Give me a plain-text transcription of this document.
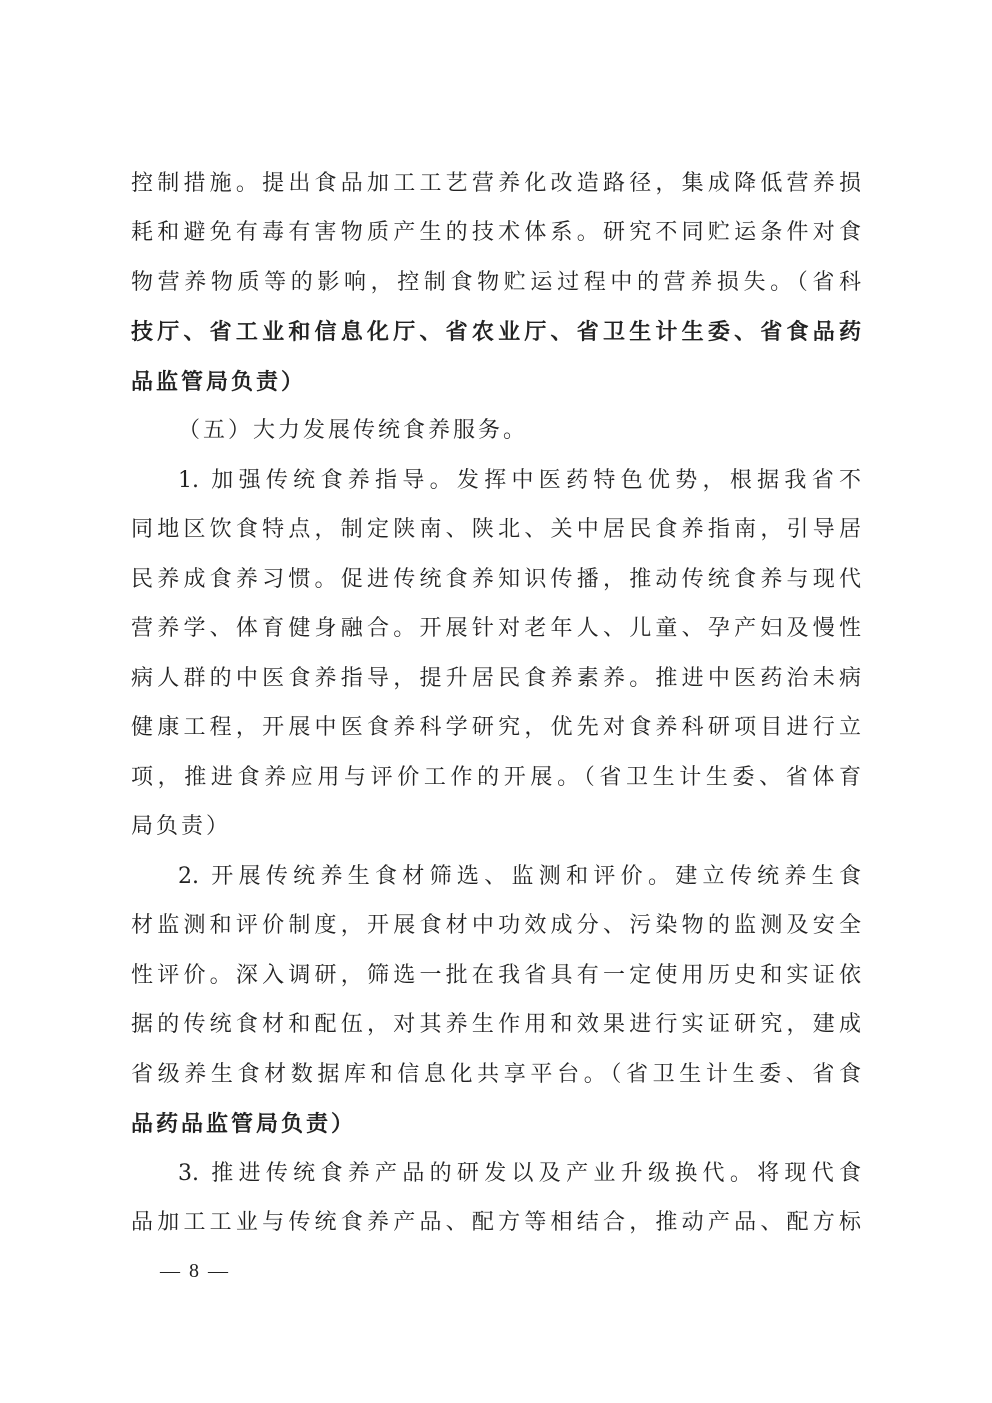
控制措施。提出食品加工工艺营养化改造路径，集成降低营养损
耗和避免有毒有害物质产生的技术体系。研究不同贮运条件对食
物营养物质等的影响，控制食物贮运过程中的营养损失。（省科
技厅、省工业和信息化厅、省农业厅、省卫生计生委、省食品药
品监管局负责）
（五）大力发展传统食养服务。
1. 加强传统食养指导。发挥中医药特色优势，根据我省不
同地区饮食特点，制定陕南、陕北、关中居民食养指南，引导居
民养成食养习惯。促进传统食养知识传播，推动传统食养与现代
营养学、体育健身融合。开展针对老年人、儿童、孕产妇及慢性
病人群的中医食养指导，提升居民食养素养。推进中医药治未病
健康工程，开展中医食养科学研究，优先对食养科研项目进行立
项，推进食养应用与评价工作的开展。（省卫生计生委、省体育
局负责）
2. 开展传统养生食材筛选、监测和评价。建立传统养生食
材监测和评价制度，开展食材中功效成分、污染物的监测及安全
性评价。深入调研，筛选一批在我省具有一定使用历史和实证依
据的传统食材和配伍，对其养生作用和效果进行实证研究，建成
省级养生食材数据库和信息化共享平台。（省卫生计生委、省食
品药品监管局负责）
3. 推进传统食养产品的研发以及产业升级换代。将现代食
品加工工业与传统食养产品、配方等相结合，推动产品、配方标
— 8 —
